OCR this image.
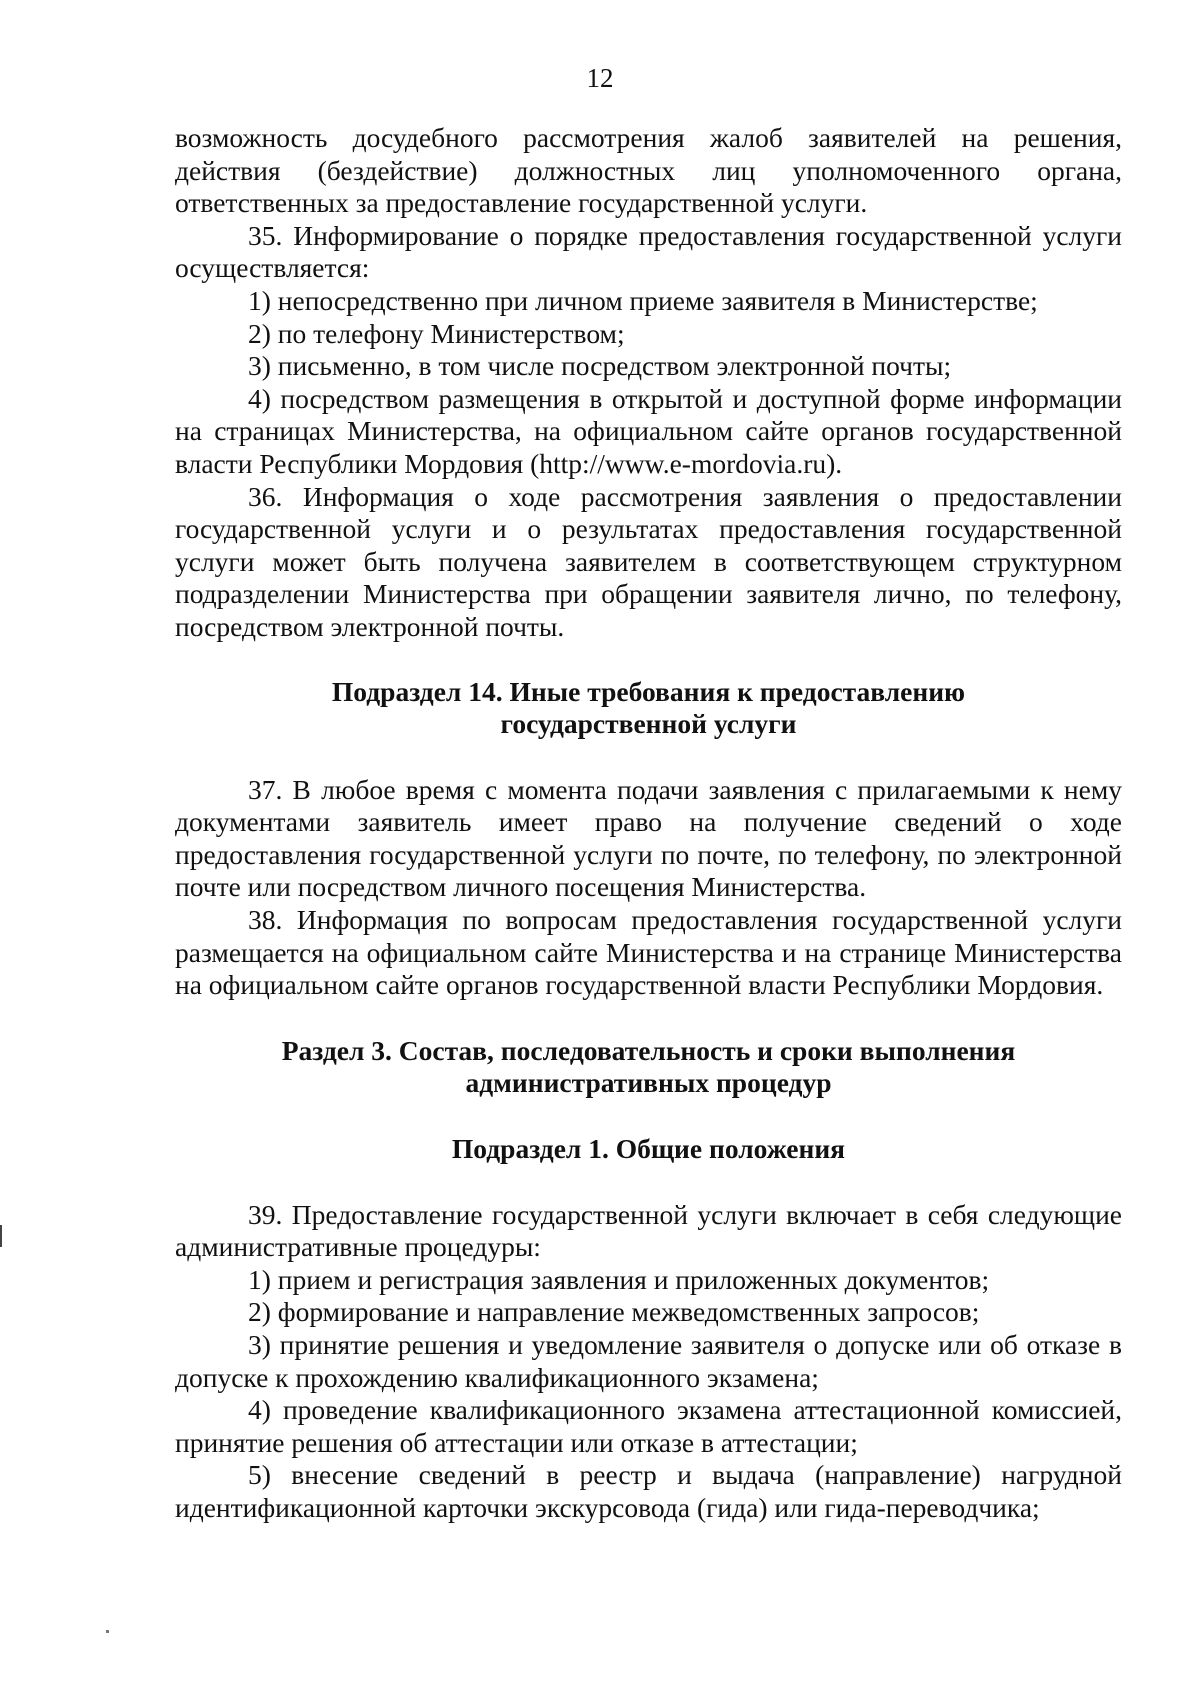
12

возможность досудебного рассмотрения жалоб заявителей на решения, действия (бездействие) должностных лиц уполномоченного органа, ответственных за предоставление государственной услуги.

35. Информирование о порядке предоставления государственной услуги осуществляется:

1) непосредственно при личном приеме заявителя в Министерстве;

2) по телефону Министерством;

3) письменно, в том числе посредством электронной почты;

4) посредством размещения в открытой и доступной форме информации на страницах Министерства, на официальном сайте органов государственной власти Республики Мордовия (http://www.e-mordovia.ru).

36. Информация о ходе рассмотрения заявления о предоставлении государственной услуги и о результатах предоставления государственной услуги может быть получена заявителем в соответствующем структурном подразделении Министерства при обращении заявителя лично, по телефону, посредством электронной почты.

Подраздел 14. Иные требования к предоставлению
государственной услуги

37. В любое время с момента подачи заявления с прилагаемыми к нему документами заявитель имеет право на получение сведений о ходе предоставления государственной услуги по почте, по телефону, по электронной почте или посредством личного посещения Министерства.

38. Информация по вопросам предоставления государственной услуги размещается на официальном сайте Министерства и на странице Министерства на официальном сайте органов государственной власти Республики Мордовия.

Раздел 3. Состав, последовательность и сроки выполнения
административных процедур

Подраздел 1. Общие положения

39. Предоставление государственной услуги включает в себя следующие административные процедуры:

1) прием и регистрация заявления и приложенных документов;

2) формирование и направление межведомственных запросов;

3) принятие решения и уведомление заявителя о допуске или об отказе в допуске к прохождению квалификационного экзамена;

4) проведение квалификационного экзамена аттестационной комиссией, принятие решения об аттестации или отказе в аттестации;

5) внесение сведений в реестр и выдача (направление) нагрудной идентификационной карточки экскурсовода (гида) или гида-переводчика;
